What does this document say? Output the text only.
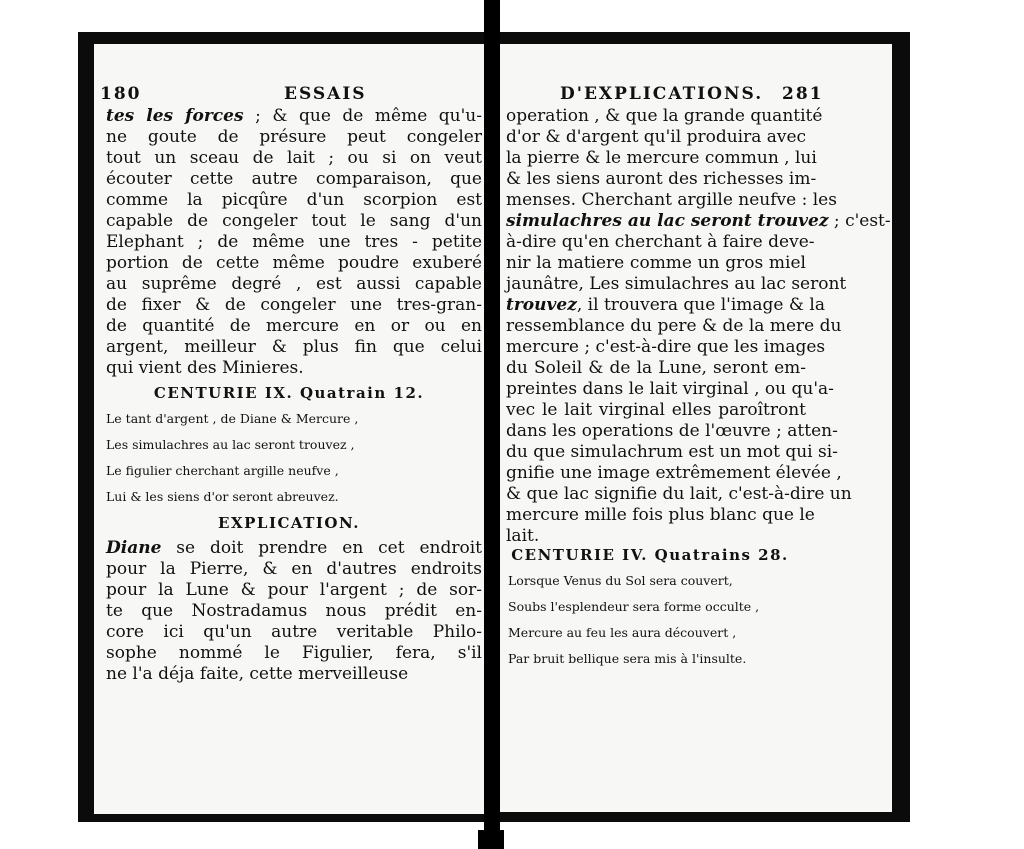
180	ESSAIS
tes les forces ; & que de même qu'u-
ne goute de présure peut congeler
tout un sceau de lait ; ou si on veut
écouter cette autre comparaison, que
comme la picqûre d'un scorpion est
capable de congeler tout le sang d'un
Elephant ; de même une tres - petite
portion de cette même poudre exuberé
au suprême degré , est aussi capable
de fixer & de congeler une tres-gran-
de quantité de mercure en or ou en
argent, meilleur & plus fin que celui
qui vient des Minieres.
CENTURIE IX. Quatrain 12.
Le tant d'argent , de Diane & Mercure ,
Les simulachres au lac seront trouvez ,
Le figulier cherchant argille neufve ,
Lui & les siens d'or seront abreuvez.
EXPLICATION.
Diane se doit prendre en cet endroit
pour la Pierre, & en d'autres endroits
pour la Lune & pour l'argent ; de sor-
te que Nostradamus nous prédit en-
core ici qu'un autre veritable Philo-
sophe nommé le Figulier, fera, s'il
ne l'a déja faite, cette merveilleuse
D'EXPLICATIONS. 281
operation , & que la grande quantité
d'or & d'argent qu'il produira avec
la pierre & le mercure commun , lui
& les siens auront des richesses im-
menses. Cherchant argille neufve : les
simulachres au lac seront trouvez ; c'est-
à-dire qu'en cherchant à faire deve-
nir la matiere comme un gros miel
jaunâtre, Les simulachres au lac seront
trouvez, il trouvera que l'image & la
ressemblance du pere & de la mere du
mercure ; c'est-à-dire que les images
du Soleil & de la Lune, seront em-
preintes dans le lait virginal , ou qu'a-
vec le lait virginal elles paroîtront
dans les operations de l'œuvre ; atten-
du que simulachrum est un mot qui si-
gnifie une image extrêmement élevée ,
& que lac signifie du lait, c'est-à-dire un
mercure mille fois plus blanc que le
lait.
CENTURIE IV. Quatrains 28.
Lorsque Venus du Sol sera couvert,
Soubs l'esplendeur sera forme occulte ,
Mercure au feu les aura découvert ,
Par bruit bellique sera mis à l'insulte.
